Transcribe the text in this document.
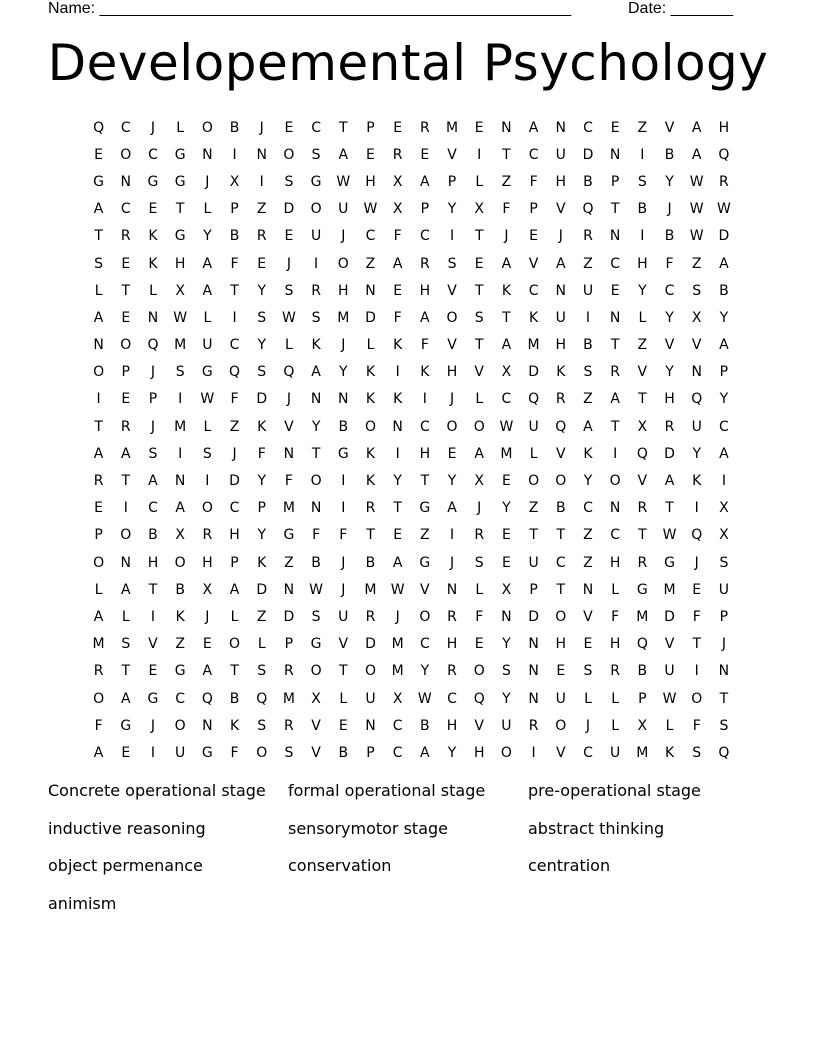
Name: _____________________________________________________	Date: _______
Developemental Psychology
Q	C	J	L	O	B	J	E	C	T	P	E	R	M	E	N	A	N	C	E	Z	V	A	H
E	O	C	G	N	I	N	O	S	A	E	R	E	V	I	T	C	U	D	N	I	B	A	Q
G	N	G	G	J	X	I	S	G	W	H	X	A	P	L	Z	F	H	B	P	S	Y	W	R
A	C	E	T	L	P	Z	D	O	U	W	X	P	Y	X	F	P	V	Q	T	B	J	W W
T	R	K	G	Y	B	R	E	U	J	C	F	C	I	T	J	E	J	R	N	I	B	W	D
S	E	K	H	A	F	E	J	I	O	Z	A	R	S	E	A	V	A	Z	C	H	F	Z	A
L	T	L	X	A	T	Y	S	R	H	N	E	H	V	T	K	C	N	U	E	Y	C	S	B
A	E	N	W	L	I	S	W	S	M	D	F	A	O	S	T	K	U	I	N	L	Y	X	Y
N	O	Q	M	U	C	Y	L	K	J	L	K	F	V	T	A	M	H	B	T	Z	V	V	A
O	P	J	S	G	Q	S	Q	A	Y	K	I	K	H	V	X	D	K	S	R	V	Y	N	P
I	E	P	I	W	F	D	J	N	N	K	K	I	J	L	C	Q	R	Z	A	T	H	Q	Y
T	R	J	M	L	Z	K	V	Y	B	O	N	C	O	O	W	U	Q	A	T	X	R	U	C
A	A	S	I	S	J	F	N	T	G	K	I	H	E	A	M	L	V	K	I	Q	D	Y	A
R	T	A	N	I	D	Y	F	O	I	K	Y	T	Y	X	E	O	O	Y	O	V	A	K	I
E	I	C	A	O	C	P	M	N	I	R	T	G	A	J	Y	Z	B	C	N	R	T	I	X
P	O	B	X	R	H	Y	G	F	F	T	E	Z	I	R	E	T	T	Z	C	T	W	Q	X
O	N	H	O	H	P	K	Z	B	J	B	A	G	J	S	E	U	C	Z	H	R	G	J	S
L	A	T	B	X	A	D	N	W	J	M	W	V	N	L	X	P	T	N	L	G	M	E	U
A	L	I	K	J	L	Z	D	S	U	R	J	O	R	F	N	D	O	V	F	M	D	F	P
M	S	V	Z	E	O	L	P	G	V	D	M	C	H	E	Y	N	H	E	H	Q	V	T	J
R	T	E	G	A	T	S	R	O	T	O	M	Y	R	O	S	N	E	S	R	B	U	I	N
O	A	G	C	Q	B	Q	M	X	L	U	X	W	C	Q	Y	N	U	L	L	P	W	O	T
F	G	J	O	N	K	S	R	V	E	N	C	B	H	V	U	R	O	J	L	X	L	F	S
A	E	I	U	G	F	O	S	V	B	P	C	A	Y	H	O	I	V	C	U	M	K	S	Q
Concrete operational stage	formal operational stage	pre-operational stage
inductive reasoning	sensorymotor stage	abstract thinking
object permenance	conservation	centration
animism
